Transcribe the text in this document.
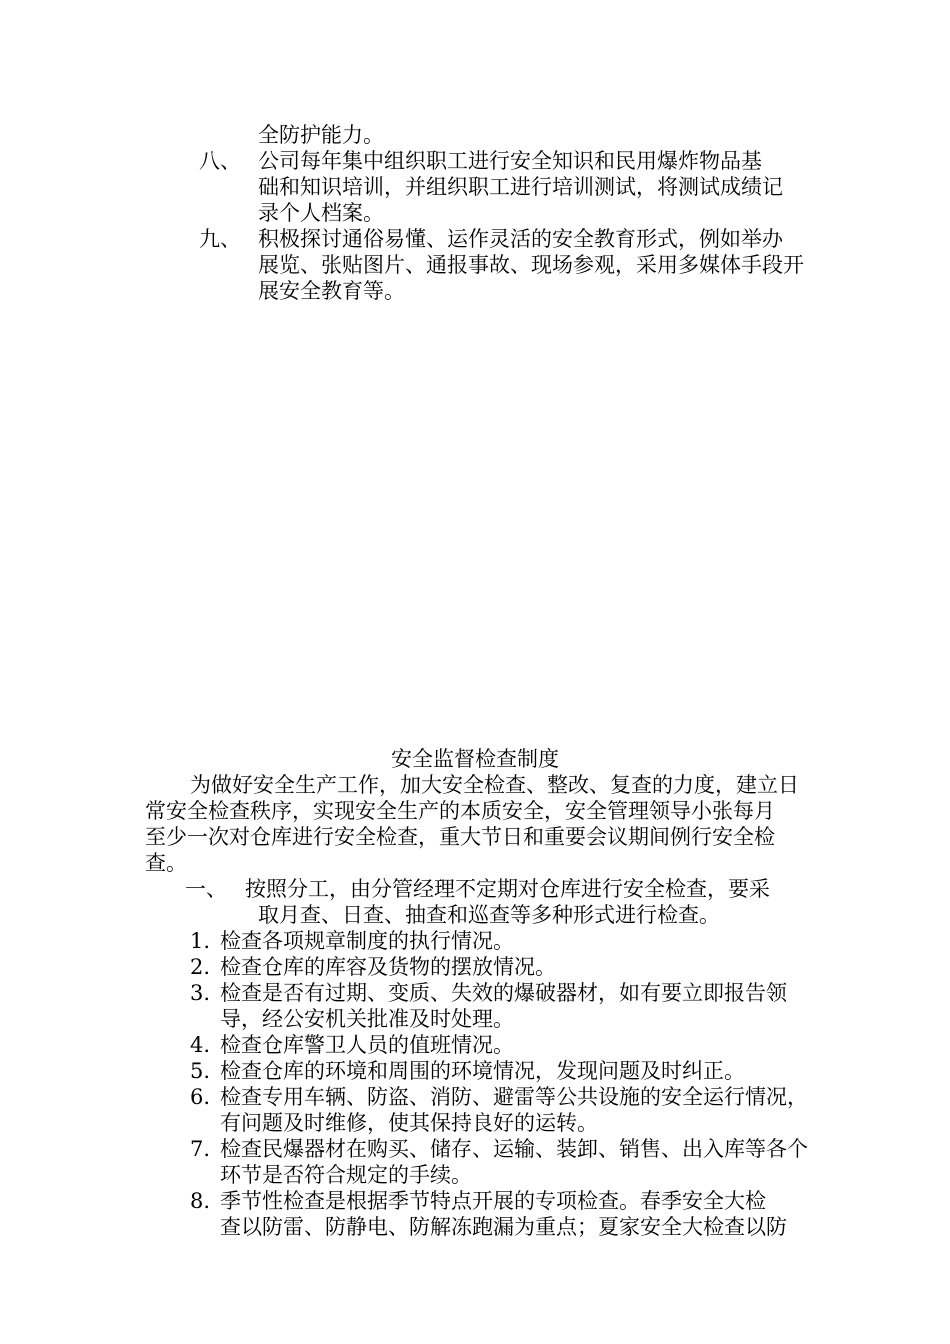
全防护能力。
八、 公司每年集中组织职工进行安全知识和民用爆炸物品基
础和知识培训，并组织职工进行培训测试，将测试成绩记
录个人档案。
九、 积极探讨通俗易懂、运作灵活的安全教育形式，例如举办
展览、张贴图片、通报事故、现场参观，采用多媒体手段开
展安全教育等。
安全监督检查制度
为做好安全生产工作，加大安全检查、整改、复查的力度，建立日
常安全检查秩序，实现安全生产的本质安全，安全管理领导小张每月
至少一次对仓库进行安全检查，重大节日和重要会议期间例行安全检
查。
一、 按照分工，由分管经理不定期对仓库进行安全检查，要采
取月查、日查、抽查和巡查等多种形式进行检查。
1. 检查各项规章制度的执行情况。
2. 检查仓库的库容及货物的摆放情况。
3. 检查是否有过期、变质、失效的爆破器材，如有要立即报告领
导，经公安机关批准及时处理。
4. 检查仓库警卫人员的值班情况。
5. 检查仓库的环境和周围的环境情况，发现问题及时纠正。
6. 检查专用车辆、防盗、消防、避雷等公共设施的安全运行情况，
有问题及时维修，使其保持良好的运转。
7. 检查民爆器材在购买、储存、运输、装卸、销售、出入库等各个
环节是否符合规定的手续。
8. 季节性检查是根据季节特点开展的专项检查。春季安全大检
查以防雷、防静电、防解冻跑漏为重点；夏家安全大检查以防
